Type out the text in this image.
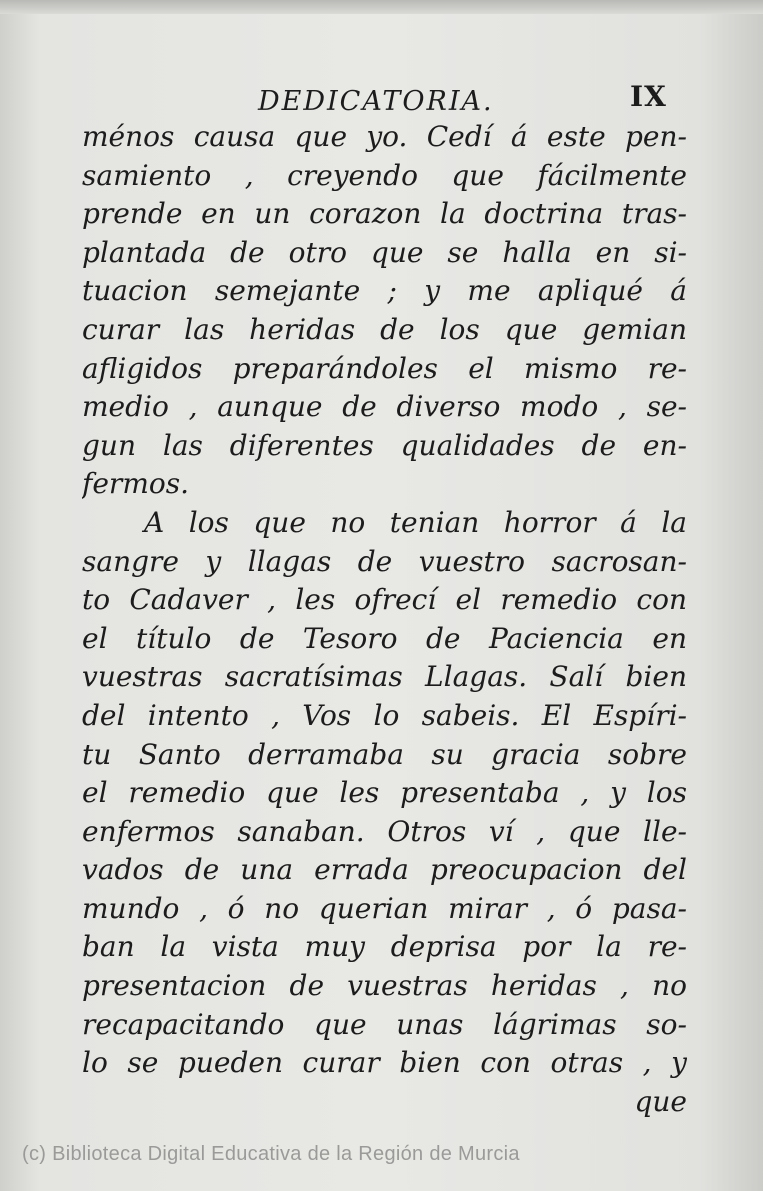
DEDICATORIA.	IX
ménos causa que yo. Cedí á este pen-
samiento , creyendo que fácilmente
prende en un corazon la doctrina tras-
plantada de otro que se halla en si-
tuacion semejante ; y me apliqué á
curar las heridas de los que gemian
afligidos preparándoles el mismo re-
medio , aunque de diverso modo , se-
gun las diferentes qualidades de en-
fermos.
A los que no tenian horror á la
sangre y llagas de vuestro sacrosan-
to Cadaver , les ofrecí el remedio con
el título de Tesoro de Paciencia en
vuestras sacratísimas Llagas. Salí bien
del intento , Vos lo sabeis. El Espíri-
tu Santo derramaba su gracia sobre
el remedio que les presentaba , y los
enfermos sanaban. Otros ví , que lle-
vados de una errada preocupacion del
mundo , ó no querian mirar , ó pasa-
ban la vista muy deprisa por la re-
presentacion de vuestras heridas , no
recapacitando que unas lágrimas so-
lo se pueden curar bien con otras , y
que
(c) Biblioteca Digital Educativa de la Región de Murcia
